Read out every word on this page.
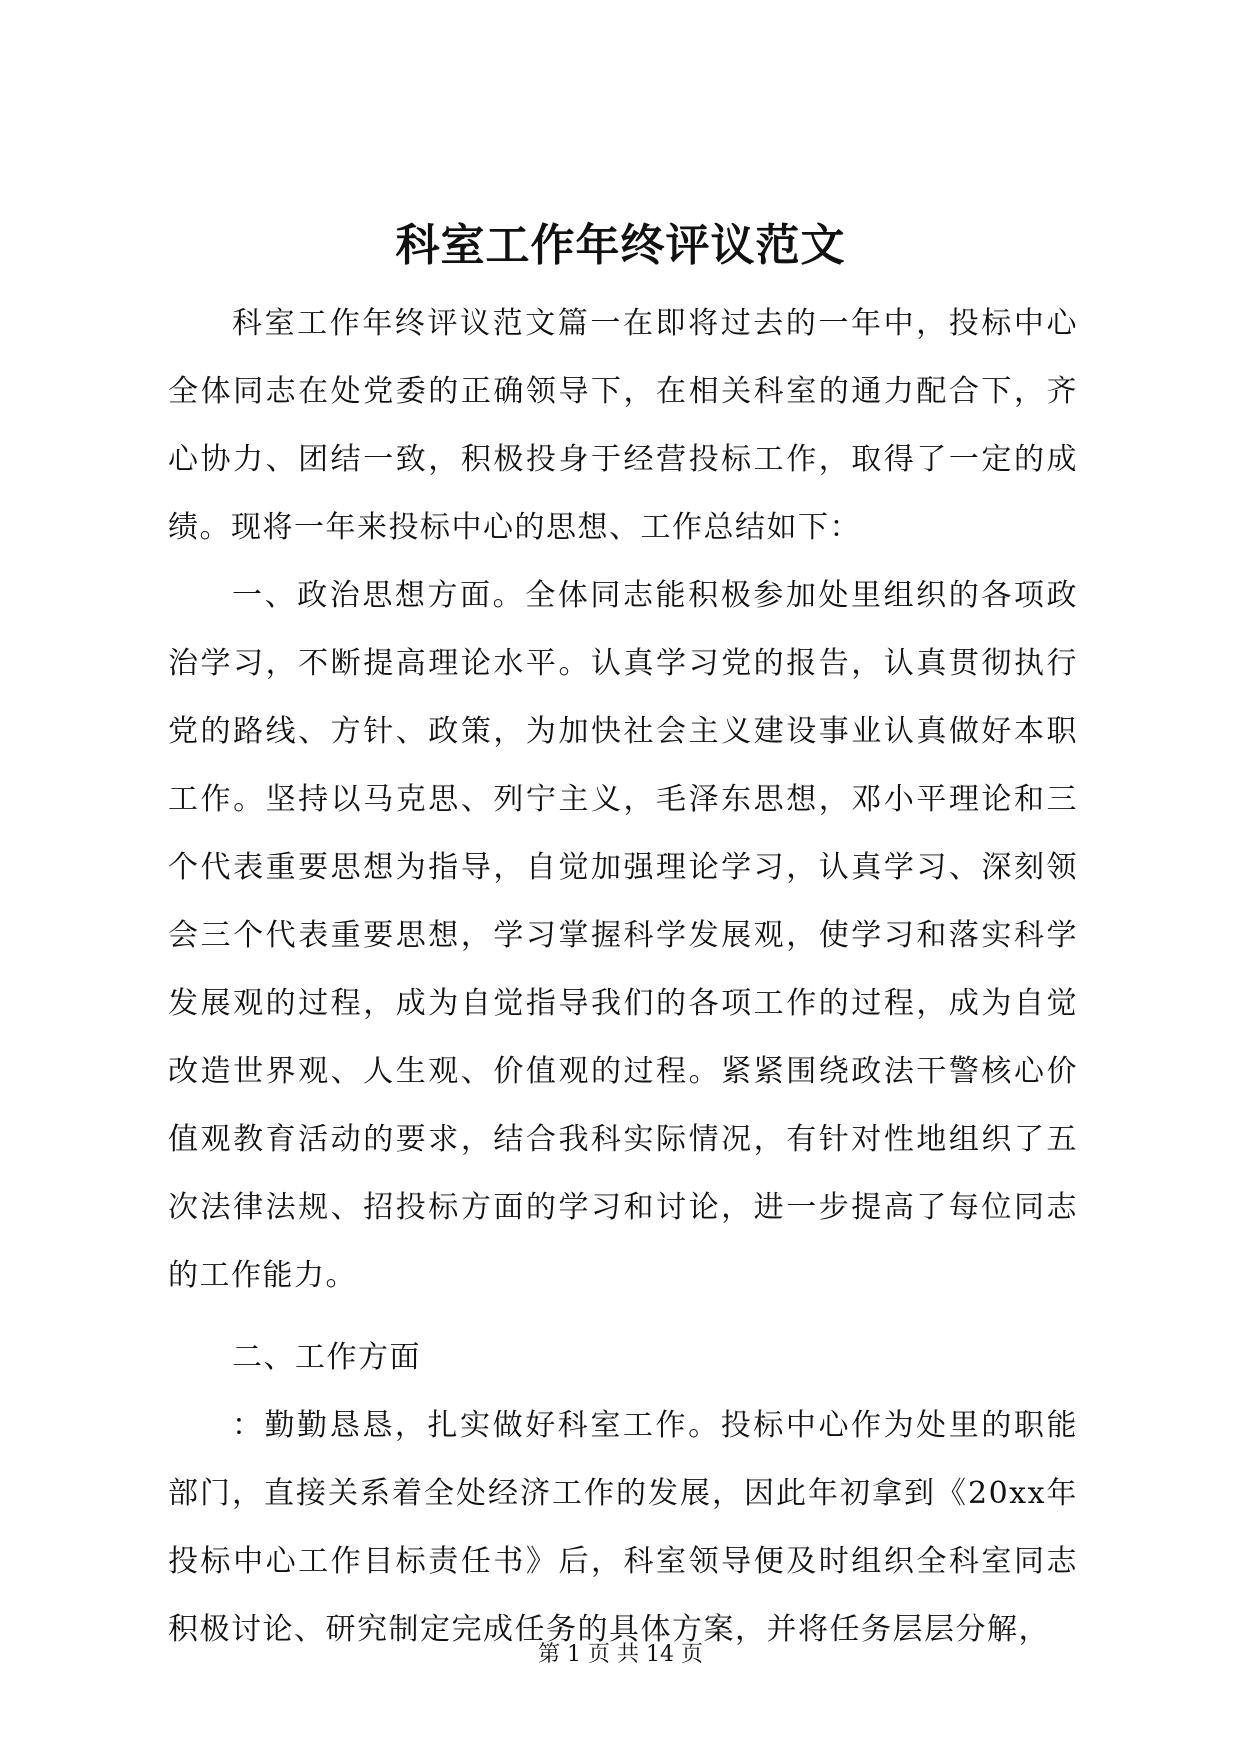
科室工作年终评议范文

科室工作年终评议范文篇一在即将过去的一年中，投标中心全体同志在处党委的正确领导下，在相关科室的通力配合下，齐心协力、团结一致，积极投身于经营投标工作，取得了一定的成绩。现将一年来投标中心的思想、工作总结如下：

一、政治思想方面。全体同志能积极参加处里组织的各项政治学习，不断提高理论水平。认真学习党的报告，认真贯彻执行党的路线、方针、政策，为加快社会主义建设事业认真做好本职工作。坚持以马克思、列宁主义，毛泽东思想，邓小平理论和三个代表重要思想为指导，自觉加强理论学习，认真学习、深刻领会三个代表重要思想，学习掌握科学发展观，使学习和落实科学发展观的过程，成为自觉指导我们的各项工作的过程，成为自觉改造世界观、人生观、价值观的过程。紧紧围绕政法干警核心价值观教育活动的要求，结合我科实际情况，有针对性地组织了五次法律法规、招投标方面的学习和讨论，进一步提高了每位同志的工作能力。

二、工作方面

：勤勤恳恳，扎实做好科室工作。投标中心作为处里的职能部门，直接关系着全处经济工作的发展，因此年初拿到《20xx年投标中心工作目标责任书》后，科室领导便及时组织全科室同志积极讨论、研究制定完成任务的具体方案，并将任务层层分解，

第 1 页 共 14 页
